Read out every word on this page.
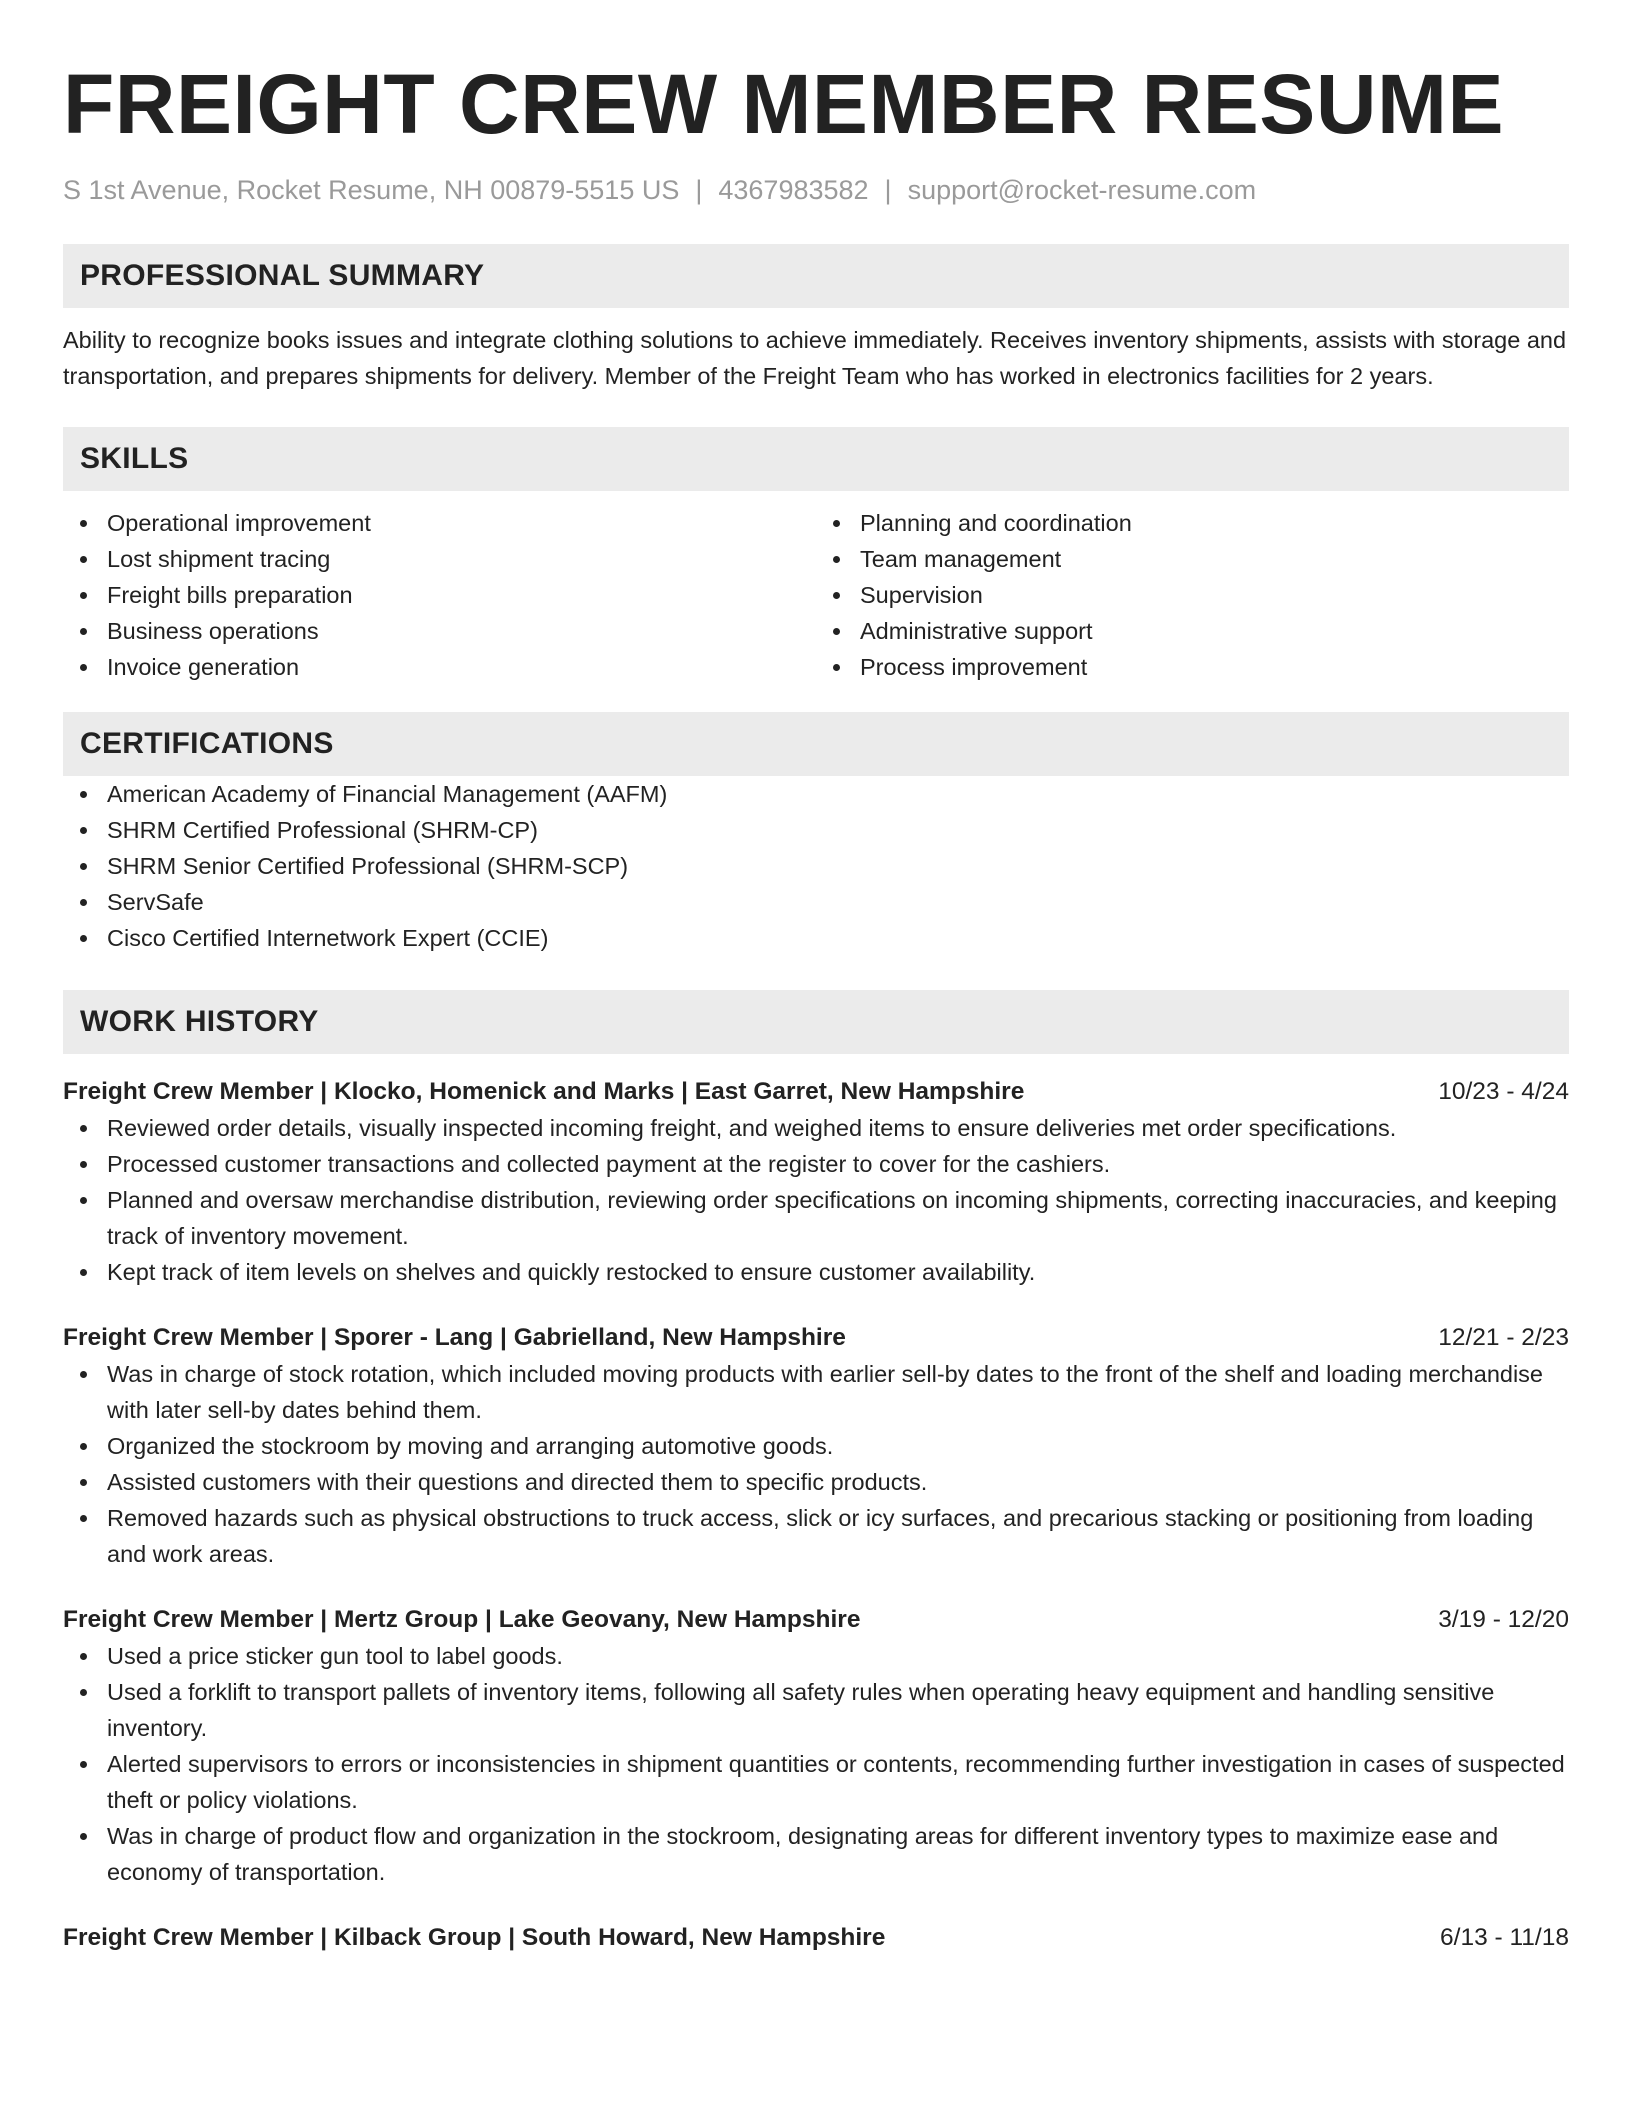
FREIGHT CREW MEMBER RESUME
S 1st Avenue, Rocket Resume, NH 00879-5515 US | 4367983582 | support@rocket-resume.com
PROFESSIONAL SUMMARY

Ability to recognize books issues and integrate clothing solutions to achieve immediately. Receives inventory shipments, assists with storage and transportation, and prepares shipments for delivery. Member of the Freight Team who has worked in electronics facilities for 2 years.

SKILLS
Operational improvement
Lost shipment tracing
Freight bills preparation
Business operations
Invoice generation
Planning and coordination
Team management
Supervision
Administrative support
Process improvement
CERTIFICATIONS
American Academy of Financial Management (AAFM)
SHRM Certified Professional (SHRM-CP)
SHRM Senior Certified Professional (SHRM-SCP)
ServSafe
Cisco Certified Internetwork Expert (CCIE)
WORK HISTORY
Freight Crew Member | Klocko, Homenick and Marks | East Garret, New Hampshire	10/23 - 4/24
Reviewed order details, visually inspected incoming freight, and weighed items to ensure deliveries met order specifications.
Processed customer transactions and collected payment at the register to cover for the cashiers.
Planned and oversaw merchandise distribution, reviewing order specifications on incoming shipments, correcting inaccuracies, and keeping track of inventory movement.
Kept track of item levels on shelves and quickly restocked to ensure customer availability.
Freight Crew Member | Sporer - Lang | Gabrielland, New Hampshire	12/21 - 2/23
Was in charge of stock rotation, which included moving products with earlier sell-by dates to the front of the shelf and loading merchandise with later sell-by dates behind them.
Organized the stockroom by moving and arranging automotive goods.
Assisted customers with their questions and directed them to specific products.
Removed hazards such as physical obstructions to truck access, slick or icy surfaces, and precarious stacking or positioning from loading and work areas.
Freight Crew Member | Mertz Group | Lake Geovany, New Hampshire	3/19 - 12/20
Used a price sticker gun tool to label goods.
Used a forklift to transport pallets of inventory items, following all safety rules when operating heavy equipment and handling sensitive inventory.
Alerted supervisors to errors or inconsistencies in shipment quantities or contents, recommending further investigation in cases of suspected theft or policy violations.
Was in charge of product flow and organization in the stockroom, designating areas for different inventory types to maximize ease and economy of transportation.
Freight Crew Member | Kilback Group | South Howard, New Hampshire	6/13 - 11/18
